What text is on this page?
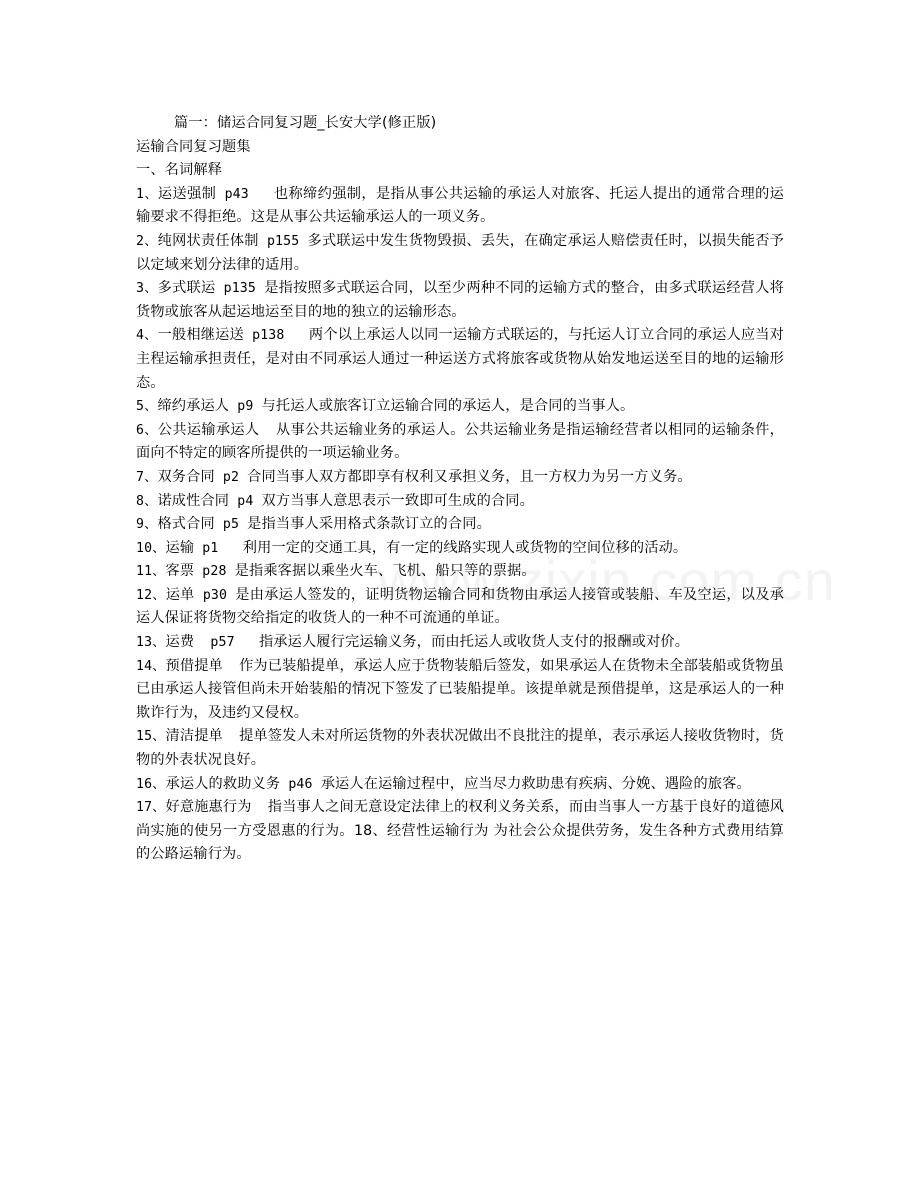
篇一：储运合同复习题_长安大学(修正版)

运输合同复习题集

一、名词解释

1、运送强制 p43 也称缔约强制，是指从事公共运输的承运人对旅客、托运人提出的通常合理的运输要求不得拒绝。这是从事公共运输承运人的一项义务。

2、纯网状责任体制 p155 多式联运中发生货物毁损、丢失，在确定承运人赔偿责任时，以损失能否予以定域来划分法律的适用。

3、多式联运 p135 是指按照多式联运合同，以至少两种不同的运输方式的整合，由多式联运经营人将货物或旅客从起运地运至目的地的独立的运输形态。

4、一般相继运送 p138 两个以上承运人以同一运输方式联运的，与托运人订立合同的承运人应当对主程运输承担责任，是对由不同承运人通过一种运送方式将旅客或货物从始发地运送至目的地的运输形态。

5、缔约承运人 p9 与托运人或旅客订立运输合同的承运人，是合同的当事人。

6、公共运输承运人 从事公共运输业务的承运人。公共运输业务是指运输经营者以相同的运输条件，面向不特定的顾客所提供的一项运输业务。

7、双务合同 p2 合同当事人双方都即享有权利又承担义务，且一方权力为另一方义务。

8、诺成性合同 p4 双方当事人意思表示一致即可生成的合同。

9、格式合同 p5 是指当事人采用格式条款订立的合同。

10、运输 p1 利用一定的交通工具，有一定的线路实现人或货物的空间位移的活动。

11、客票 p28 是指乘客据以乘坐火车、飞机、船只等的票据。

12、运单 p30 是由承运人签发的，证明货物运输合同和货物由承运人接管或装船、车及空运，以及承运人保证将货物交给指定的收货人的一种不可流通的单证。

13、运费  p57 指承运人履行完运输义务，而由托运人或收货人支付的报酬或对价。

14、预借提单 作为已装船提单，承运人应于货物装船后签发，如果承运人在货物未全部装船或货物虽已由承运人接管但尚未开始装船的情况下签发了已装船提单。该提单就是预借提单，这是承运人的一种欺诈行为，及违约又侵权。

15、清洁提单 提单签发人未对所运货物的外表状况做出不良批注的提单，表示承运人接收货物时，货物的外表状况良好。

16、承运人的救助义务 p46 承运人在运输过程中，应当尽力救助患有疾病、分娩、遇险的旅客。

17、好意施惠行为 指当事人之间无意设定法律上的权利义务关系，而由当事人一方基于良好的道德风尚实施的使另一方受恩惠的行为。18、经营性运输行为 为社会公众提供劳务，发生各种方式费用结算的公路运输行为。
